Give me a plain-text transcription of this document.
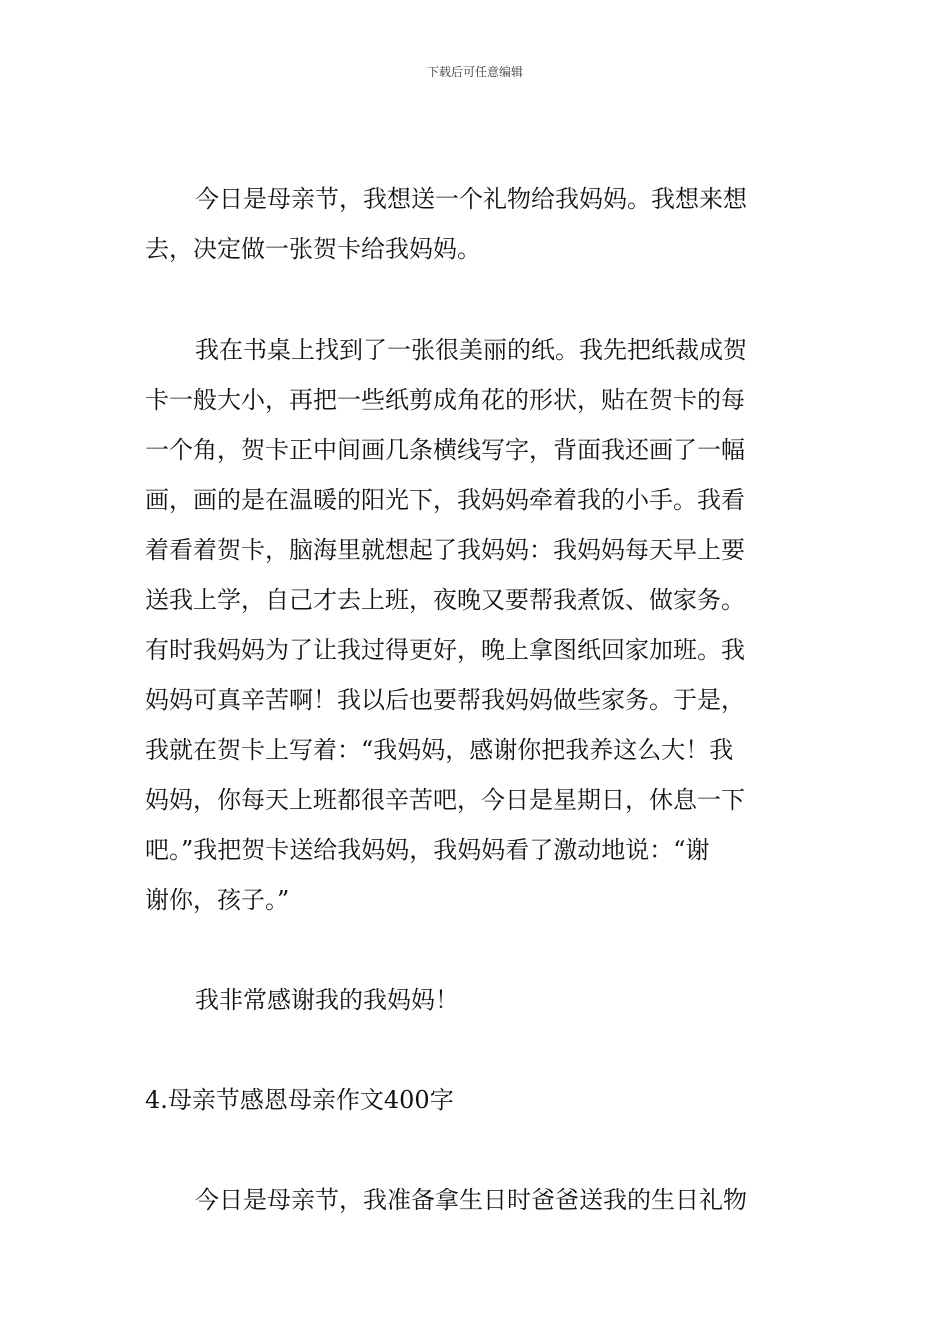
下载后可任意编辑
今日是母亲节，我想送一个礼物给我妈妈。我想来想
去，决定做一张贺卡给我妈妈。
我在书桌上找到了一张很美丽的纸。我先把纸裁成贺
卡一般大小，再把一些纸剪成角花的形状，贴在贺卡的每
一个角，贺卡正中间画几条横线写字，背面我还画了一幅
画，画的是在温暖的阳光下，我妈妈牵着我的小手。我看
着看着贺卡，脑海里就想起了我妈妈：我妈妈每天早上要
送我上学，自己才去上班，夜晚又要帮我煮饭、做家务。
有时我妈妈为了让我过得更好，晚上拿图纸回家加班。我
妈妈可真辛苦啊！我以后也要帮我妈妈做些家务。于是，
我就在贺卡上写着：“我妈妈，感谢你把我养这么大！我
妈妈，你每天上班都很辛苦吧，今日是星期日，休息一下
吧。”我把贺卡送给我妈妈，我妈妈看了激动地说：“谢
谢你，孩子。”
我非常感谢我的我妈妈！
4.母亲节感恩母亲作文400字
今日是母亲节，我准备拿生日时爸爸送我的生日礼物
